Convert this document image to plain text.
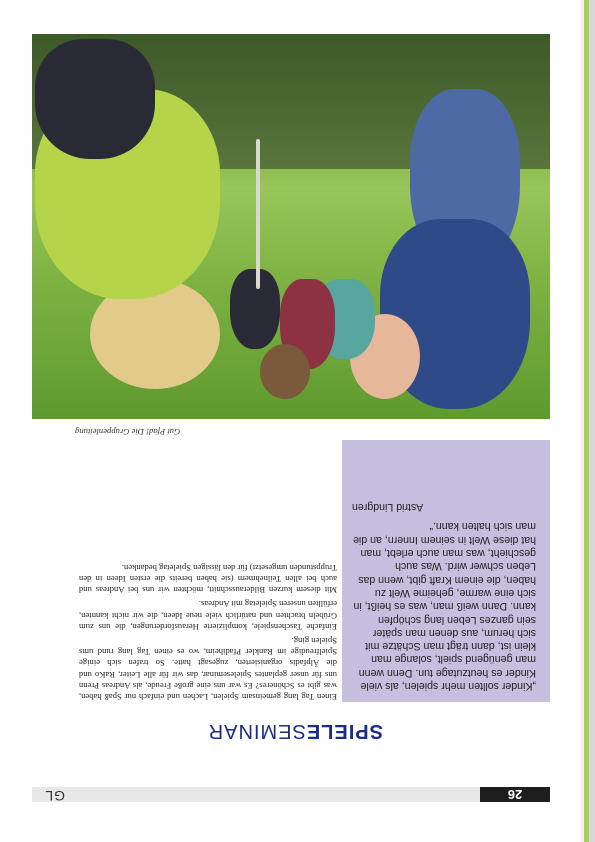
26
GL
SPIELESEMINAR

Einen Tag lang gemeinsam Spielen, Lachen und einfach nur Spaß haben, was gibt es Schöneres? Es war uns eine große Freude, als Andreas Prenn uns für unser geplantes Spieleseminar, das wir für alle Leiter, RaKo und die Älpfadis organisierten, zugesagt hatte. So trafen sich einige Spielfreudige im Rankler Pfadiheim, wo es einen Tag lang rund ums Spielen ging.

Einfache Taschenspiele, komplizierte Herausforderungen, die uns zum Grübeln brachten und natürlich viele neue Ideen, die wir nicht kannten, erfüllten unseren Spieletag mit Andreas.

Mit diesem kurzen Bilderausschnitt, möchten wir uns bei Andreas und auch bei allen Teilnehmern (sie haben bereits die ersten Ideen in den Truppstunden umgesetzt) für den lässigen Spieletag bedanken.

„Kinder sollten mehr spielen, als viele Kinder es heutzutage tun. Denn wenn man genügend spielt, solange man klein ist, dann trägt man Schätze mit sich herum, aus denen man später sein ganzes Leben lang schöpfen kann. Dann weiß man, was es heißt, in sich eine warme, geheime Welt zu haben, die einem Kraft gibt, wenn das Leben schwer wird. Was auch geschieht, was man auch erlebt, man hat diese Welt in seinem Innern, an die man sich halten kann.“

Astrid Lindgren
Gut Pfad! Die Gruppenleitung
